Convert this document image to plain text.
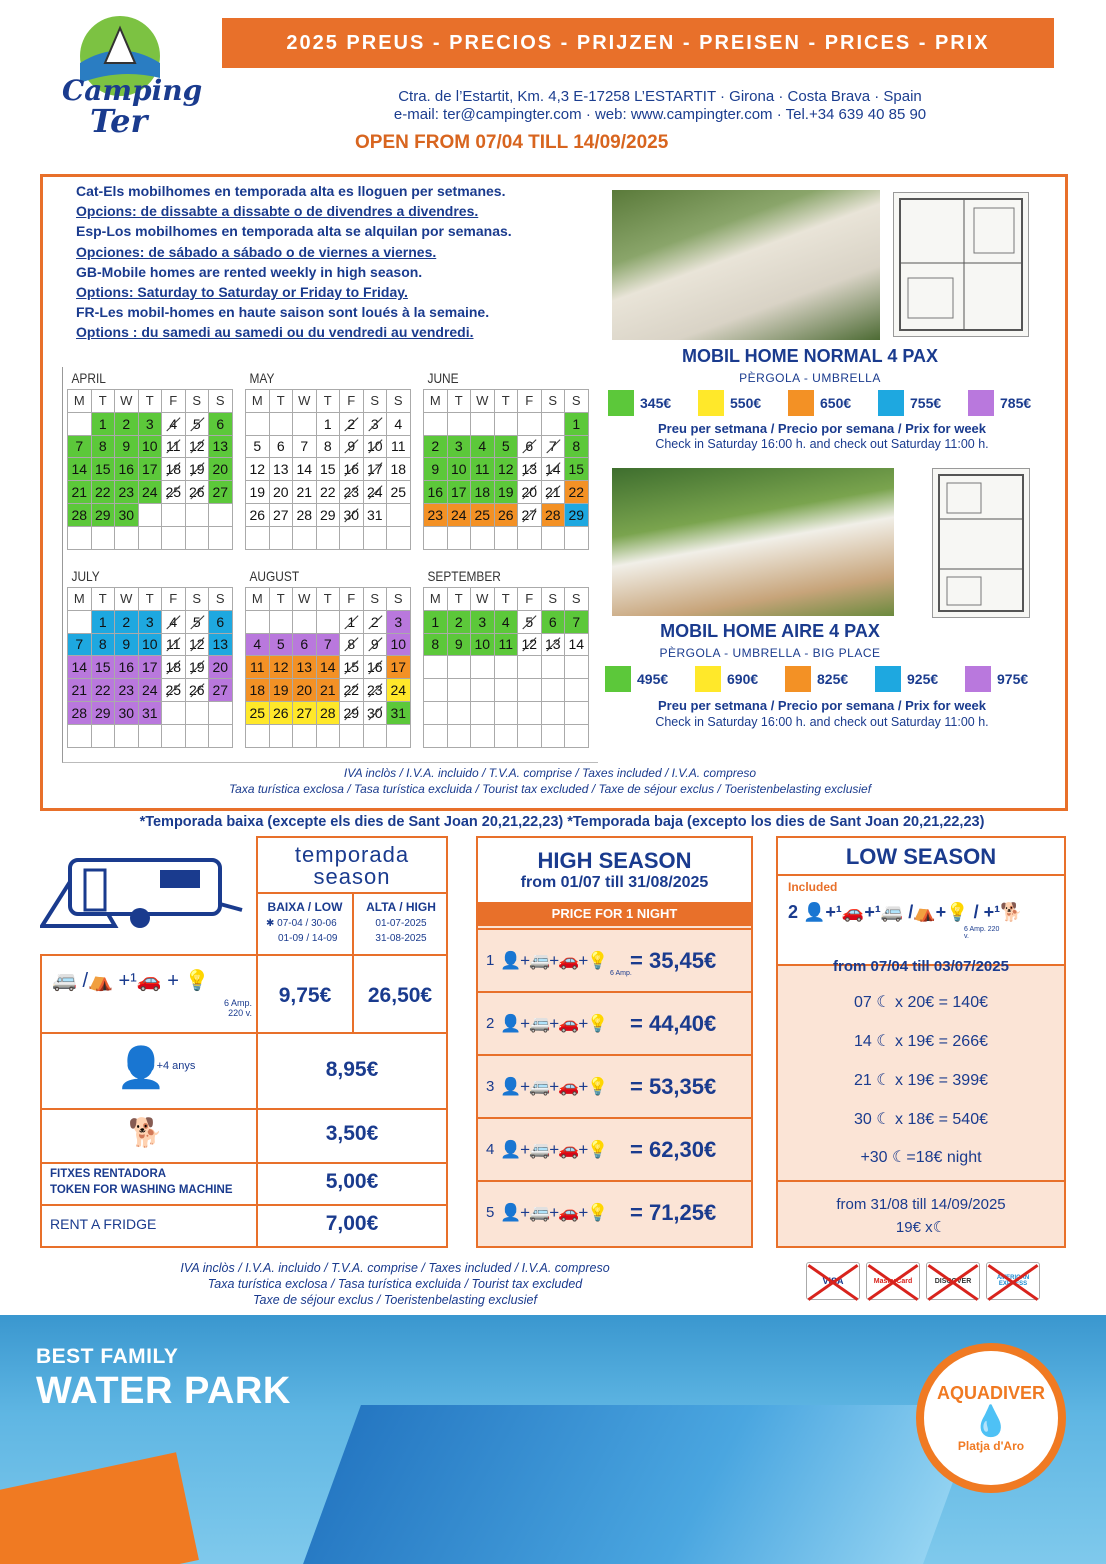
Camping
Ter
2025 PREUS - PRECIOS - PRIJZEN - PREISEN - PRICES - PRIX
Ctra. de l’Estartit, Km. 4,3 E-17258 L’ESTARTIT · Girona · Costa Brava · Spain
e-mail: ter@campingter.com · web: www.campingter.com · Tel.+34 639 40 85 90
OPEN FROM 07/04 TILL 14/09/2025
Cat-Els mobilhomes en temporada alta es lloguen per setmanes.
Opcions: de dissabte a dissabte o de divendres a divendres.
Esp-Los mobilhomes en temporada alta se alquilan por semanas.
Opciones: de sábado a sábado o de viernes a viernes.
GB-Mobile homes are rented weekly in high season.
Options: Saturday to Saturday or Friday to Friday.
FR-Les mobil-homes en haute saison sont loués à la semaine.
Options : du samedi au samedi ou du vendredi au vendredi.
APRIL
M	T	W	T	F	S	S
	1	2	3	4	5	6
7	8	9	10	11	12	13
14	15	16	17	18	19	20
21	22	23	24	25	26	27
28	29	30				

MAY
M	T	W	T	F	S	S
			1	2	3	4
5	6	7	8	9	10	11
12	13	14	15	16	17	18
19	20	21	22	23	24	25
26	27	28	29	30	31	

JUNE
M	T	W	T	F	S	S
						1
2	3	4	5	6	7	8
9	10	11	12	13	14	15
16	17	18	19	20	21	22
23	24	25	26	27	28	29

JULY
M	T	W	T	F	S	S
	1	2	3	4	5	6
7	8	9	10	11	12	13
14	15	16	17	18	19	20
21	22	23	24	25	26	27
28	29	30	31			

AUGUST
M	T	W	T	F	S	S
				1	2	3
4	5	6	7	8	9	10
11	12	13	14	15	16	17
18	19	20	21	22	23	24
25	26	27	28	29	30	31

SEPTEMBER
M	T	W	T	F	S	S
1	2	3	4	5	6	7
8	9	10	11	12	13	14

MOBIL HOME NORMAL 4 PAX
PÈRGOLA - UMBRELLA
345€	550€	650€	755€	785€
Preu per setmana / Precio por semana / Prix for week
Check in Saturday 16:00 h. and check out Saturday 11:00 h.
MOBIL HOME AIRE 4 PAX
PÈRGOLA - UMBRELLA - BIG PLACE
495€	690€	825€	925€	975€
Preu per setmana / Precio por semana / Prix for week
Check in Saturday 16:00 h. and check out Saturday 11:00 h.
IVA inclòs / I.V.A. incluido / T.V.A. comprise / Taxes included / I.V.A. compreso
Taxa turística exclosa / Tasa turística excluida / Tourist tax excluded / Taxe de séjour exclus / Toeristenbelasting exclusief
*Temporada baixa (excepte els dies de Sant Joan 20,21,22,23) *Temporada baja (excepto los dies de Sant Joan 20,21,22,23)
temporada
season
BAIXA / LOW
✱ 07-04 / 30-06
01-09 / 14-09
ALTA / HIGH
01-07-2025
31-08-2025
🚐 /⛺ +¹🚗 + 💡
6 Amp. 220 v.
9,75€	26,50€
👤
+4 anys	8,95€
🐕	3,50€
FITXES RENTADORA
TOKEN FOR WASHING MACHINE	5,00€
RENT A FRIDGE	7,00€
HIGH SEASON
from 01/07 till 31/08/2025
PRICE FOR 1 NIGHT
1 👤+🚐+🚗+💡	= 35,45€
2 👤+🚐+🚗+💡	= 44,40€
3 👤+🚐+🚗+💡	= 53,35€
4 👤+🚐+🚗+💡	= 62,30€
5 👤+🚐+🚗+💡	= 71,25€
6 Amp.
LOW SEASON
Included
2 👤+¹🚗+¹🚐 /⛺+💡 / +¹🐕
6 Amp. 220 v.
from 07/04 till 03/07/2025
07 ☾ x 20€ = 140€
14 ☾ x 19€ = 266€
21 ☾ x 19€ = 399€
30 ☾ x 18€ = 540€
+30 ☾=18€ night
from 31/08 till 14/09/2025
19€ x☾
IVA inclòs / I.V.A. incluido / T.V.A. comprise / Taxes included / I.V.A. compreso
Taxa turística exclosa / Tasa turística excluida / Tourist tax excluded
Taxe de séjour exclus / Toeristenbelasting exclusief
VISA	MasterCard	DISCOVER	AMERICAN EXPRESS
BEST FAMILY
WATER PARK	AQUADIVER
💧
Platja d'Aro
